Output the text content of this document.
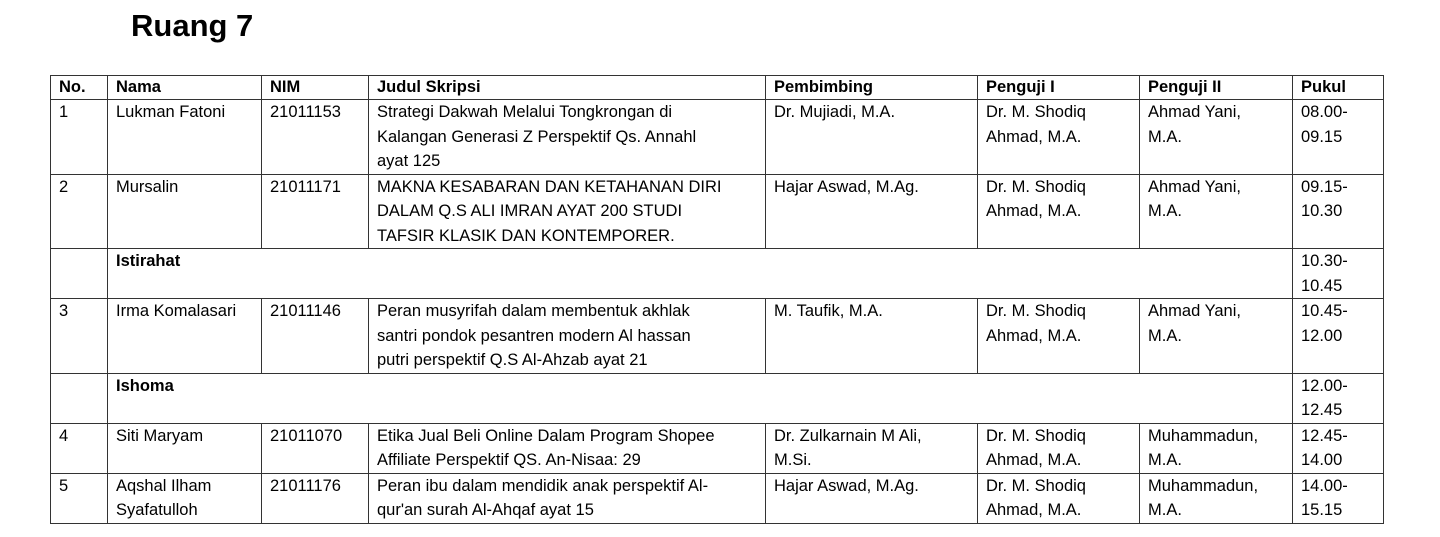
Ruang 7
No.	Nama	NIM	Judul Skripsi	Pembimbing	Penguji I	Penguji II	Pukul
1	Lukman Fatoni	21011153	Strategi Dakwah Melalui Tongkrongan di
Kalangan Generasi Z Perspektif Qs. Annahl
ayat 125	Dr. Mujiadi, M.A.	Dr. M. Shodiq
Ahmad, M.A.	Ahmad Yani,
M.A.	08.00-
09.15

2	Mursalin	21011171	MAKNA KESABARAN DAN KETAHANAN DIRI
DALAM Q.S ALI IMRAN AYAT 200 STUDI
TAFSIR KLASIK DAN KONTEMPORER.	Hajar Aswad, M.Ag.	Dr. M. Shodiq
Ahmad, M.A.	Ahmad Yani,
M.A.	09.15-
10.30

	Istirahat						10.30-
10.45

3	Irma Komalasari	21011146	Peran musyrifah dalam membentuk akhlak
santri pondok pesantren modern Al hassan
putri perspektif Q.S Al-Ahzab ayat 21	M. Taufik, M.A.	Dr. M. Shodiq
Ahmad, M.A.	Ahmad Yani,
M.A.	10.45-
12.00

	Ishoma						12.00-
12.45

4	Siti Maryam	21011070	Etika Jual Beli Online Dalam Program Shopee
Affiliate Perspektif QS. An-Nisaa: 29	Dr. Zulkarnain M Ali,
M.Si.	Dr. M. Shodiq
Ahmad, M.A.	Muhammadun,
M.A.	12.45-
14.00

5	Aqshal Ilham
Syafatulloh	21011176	Peran ibu dalam mendidik anak perspektif Al-
qur'an surah Al-Ahqaf ayat 15	Hajar Aswad, M.Ag.	Dr. M. Shodiq
Ahmad, M.A.	Muhammadun,
M.A.	14.00-
15.15
